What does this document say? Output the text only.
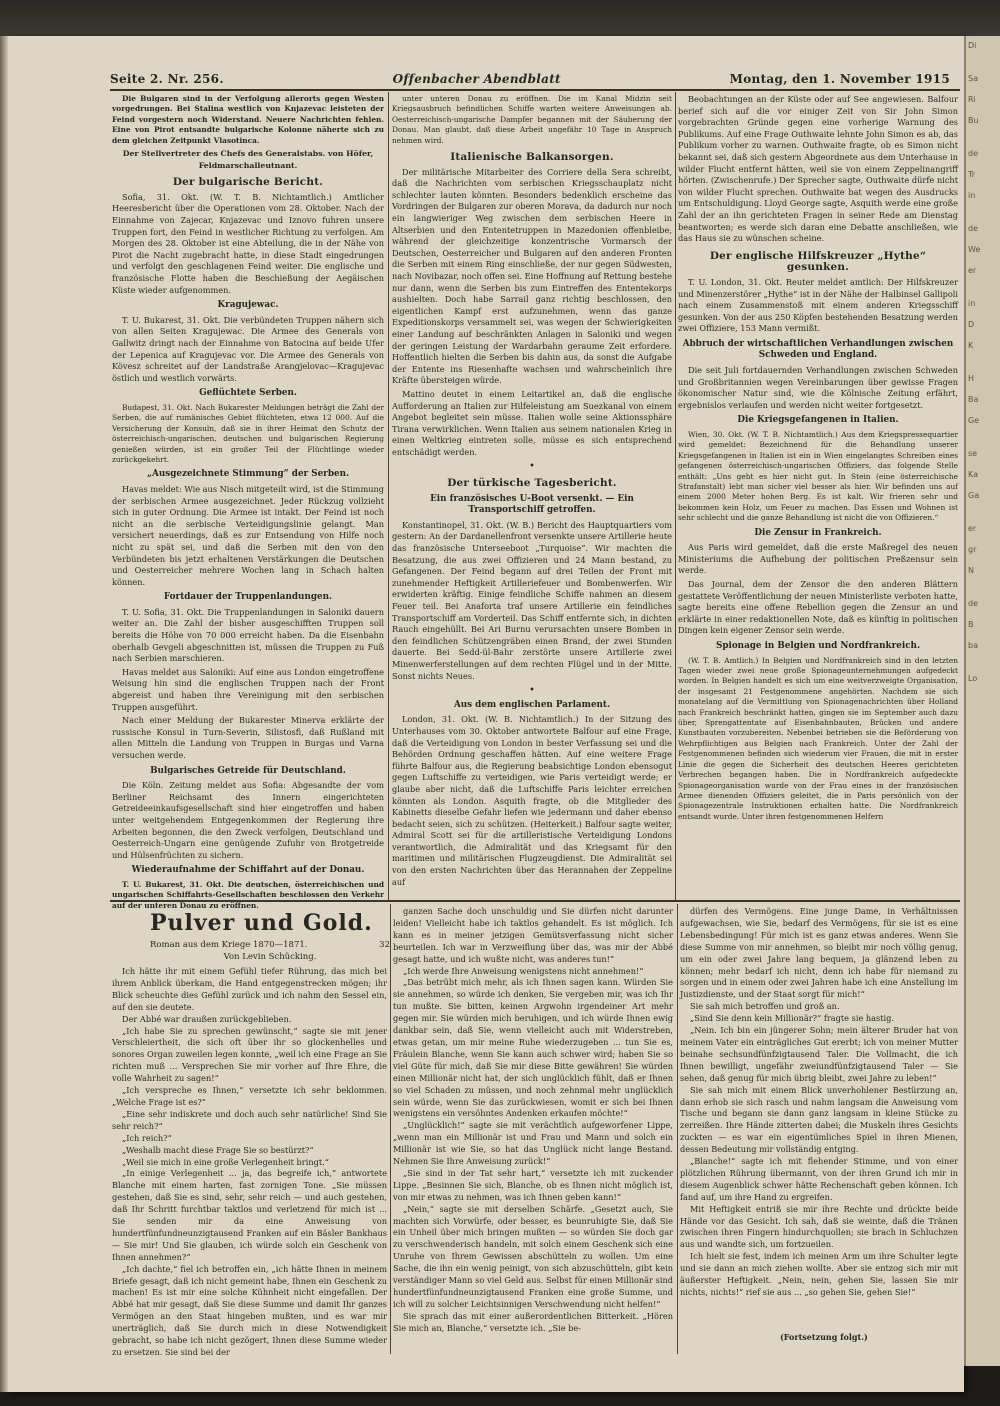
Di
Sa
Ri
Bu
de
Tr
in
de
We
er
in
D
K
H
Ba
Ge
se
Ka
Ga
er
gr
N
de
B
ba
Lo
Seite 2. Nr. 256.	Offenbacher Abendblatt	Montag, den 1. November 1915

Die Bulgaren sind in der Verfolgung allerorts gegen Westen vorgedrungen. Bei Stalina westlich von Knjazevac leisteten der Feind vorgestern noch Widerstand. Neuere Nachrichten fehlen. Eine von Pirot entsandte bulgarische Kolonne näherte sich zu dem gleichen Zeitpunkt Vlasotinca.

Der Stellvertreter des Chefs des Generalstabs. von Höfer, Feldmarschalleutnant.
Der bulgarische Bericht.

Sofia, 31. Okt. (W. T. B. Nichtamtlich.) Amtlicher Heeresbericht über die Operationen vom 28. Oktober. Nach der Einnahme von Zajecar, Knjazevac und Iznovo fuhren unsere Truppen fort, den Feind in westlicher Richtung zu verfolgen. Am Morgen des 28. Oktober ist eine Abteilung, die in der Nähe von Pirot die Nacht zugebracht hatte, in diese Stadt eingedrungen und verfolgt den geschlagenen Feind weiter. Die englische und französische Flotte haben die Beschießung der Aegäischen Küste wieder aufgenommen.

Kragujewac.

T. U. Bukarest, 31. Okt. Die verbündeten Truppen nähern sich von allen Seiten Kragujewac. Die Armee des Generals von Gallwitz dringt nach der Einnahme von Batocina auf beide Ufer der Lepenica auf Kragujevac vor. Die Armee des Generals von Kövesz schreitet auf der Landstraße Arangjelovac—Kragujevac östlich und westlich vorwärts.

Geflüchtete Serben.

Budapest, 31. Okt. Nach Bukarester Meldungen beträgt die Zahl der Serben, die auf rumänisches Gebiet flüchteten, etwa 12 000. Auf die Versicherung der Konsuln, daß sie in ihrer Heimat den Schutz der österreichisch-ungarischen, deutschen und bulgarischen Regierung genießen würden, ist ein großer Teil der Flüchtlinge wieder zurückgekehrt.

„Ausgezeichnete Stimmung“ der Serben.

Havas meldet: Wie aus Nisch mitgeteilt wird, ist die Stimmung der serbischen Armee ausgezeichnet. Jeder Rückzug vollzieht sich in guter Ordnung. Die Armee ist intakt. Der Feind ist noch nicht an die serbische Verteidigungslinie gelangt. Man versichert neuerdings, daß es zur Entsendung von Hilfe noch nicht zu spät sei, und daß die Serben mit den von den Verbündeten bis jetzt erhaltenen Verstärkungen die Deutschen und Oesterreicher mehrere Wochen lang in Schach halten können.

Fortdauer der Truppenlandungen.

T. U. Sofia, 31. Okt. Die Truppenlandungen in Saloniki dauern weiter an. Die Zahl der bisher ausgeschifften Truppen soll bereits die Höhe von 70 000 erreicht haben. Da die Eisenbahn oberhalb Gevgeli abgeschnitten ist, müssen die Truppen zu Fuß nach Serbien marschieren.

Havas meldet aus Saloniki: Auf eine aus London eingetroffene Weisung hin sind die englischen Truppen nach der Front abgereist und haben ihre Vereinigung mit den serbischen Truppen ausgeführt.

Nach einer Meldung der Bukarester Minerva erklärte der russische Konsul in Turn-Severin, Silistosfi, daß Rußland mit allen Mitteln die Landung von Truppen in Burgas und Varna versuchen werde.

Bulgarisches Getreide für Deutschland.

Die Köln. Zeitung meldet aus Sofia: Abgesandte der vom Berliner Reichsamt des Innern eingerichteten Getreideeinkaufsgesellschaft sind hier eingetroffen und haben unter weitgehendem Entgegenkommen der Regierung ihre Arbeiten begonnen, die den Zweck verfolgen, Deutschland und Oesterreich-Ungarn eine genügende Zufuhr von Brotgetreide und Hülsenfrüchten zu sichern.

Wiederaufnahme der Schiffahrt auf der Donau.

T. U. Bukarest, 31. Okt. Die deutschen, österreichischen und ungarischen Schiffahrts-Gesellschaften beschlossen den Verkehr auf der unteren Donau zu eröffnen.

unter unteren Donau zu eröffnen. Die im Kanal Midzin seit Kriegsausbruch befindlichen Schiffe warten weitere Anweisungen ab. Oesterreichisch-ungarische Dampfer begannen mit der Säuberung der Donau. Man glaubt, daß diese Arbeit ungefähr 10 Tage in Anspruch nehmen wird.

Italienische Balkansorgen.

Der militärische Mitarbeiter des Corriere della Sera schreibt, daß die Nachrichten vom serbischen Kriegsschauplatz nicht schlechter lauten könnten. Besonders bedenklich erscheine das Vordringen der Bulgaren zur oberen Morava, da dadurch nur noch ein langwieriger Weg zwischen dem serbischen Heere in Altserbien und den Ententetruppen in Mazedonien offenbleibe, während der gleichzeitige konzentrische Vormarsch der Deutschen, Oesterreicher und Bulgaren auf den anderen Fronten die Serben mit einem Ring einschließe, der nur gegen Südwesten, nach Novibazar, noch offen sei. Eine Hoffnung auf Rettung bestehe nur dann, wenn die Serben bis zum Eintreffen des Ententekorps aushielten. Doch habe Sarrail ganz richtig beschlossen, den eigentlichen Kampf erst aufzunehmen, wenn das ganze Expeditionskorps versammelt sei, was wegen der Schwierigkeiten einer Landung auf beschränkten Anlagen in Saloniki und wegen der geringen Leistung der Wardarbahn geraume Zeit erfordere. Hoffentlich hielten die Serben bis dahin aus, da sonst die Aufgabe der Entente ins Riesenhafte wachsen und wahrscheinlich ihre Kräfte übersteigen würde.

Mattino deutet in einem Leitartikel an, daß die englische Aufforderung an Italien zur Hilfeleistung am Suezkanal von einem Angebot begleitet sein müsse. Italien wolle seine Aktionssphäre Tirana verwirklichen. Wenn Italien aus seinem nationalen Krieg in einen Weltkrieg eintreten solle, müsse es sich entsprechend entschädigt werden.

•
Der türkische Tagesbericht.
Ein französisches U-Boot versenkt. — Ein Transportschiff getroffen.

Konstantinopel, 31. Okt. (W. B.) Bericht des Hauptquartiers vom gestern: An der Dardanellenfront versenkte unsere Artillerie heute das französische Unterseeboot „Turquoise“. Wir machten die Besatzung, die aus zwei Offizieren und 24 Mann bestand, zu Gefangenen. Der Feind begann auf drei Teilen der Front mit zunehmender Heftigkeit Artilleriefeuer und Bombenwerfen. Wir erwiderten kräftig. Einige feindliche Schiffe nahmen an diesem Feuer teil. Bei Anaforta traf unsere Artillerie ein feindliches Transportschiff am Vorderteil. Das Schiff entfernte sich, in dichten Rauch eingehüllt. Bei Ari Burnu verursachten unsere Bomben in den feindlichen Schützengräben einen Brand, der zwei Stunden dauerte. Bei Sedd-ül-Bahr zerstörte unsere Artillerie zwei Minenwerferstellungen auf dem rechten Flügel und in der Mitte. Sonst nichts Neues.

•
Aus dem englischen Parlament.

London, 31. Okt. (W. B. Nichtamtlich.) In der Sitzung des Unterhauses vom 30. Oktober antwortete Balfour auf eine Frage, daß die Verteidigung von London in bester Verfassung sei und die Behörden Ordnung geschaffen hätten. Auf eine weitere Frage führte Balfour aus, die Regierung beabsichtige London ebensogut gegen Luftschiffe zu verteidigen, wie Paris verteidigt werde; er glaube aber nicht, daß die Luftschiffe Paris leichter erreichen könnten als London. Asquith fragte, ob die Mitglieder des Kabinetts dieselbe Gefahr liefen wie jedermann und daher ebenso bedacht seien, sich zu schützen. (Heiterkeit.) Balfour sagte weiter, Admiral Scott sei für die artilleristische Verteidigung Londons verantwortlich, die Admiralität und das Kriegsamt für den maritimen und militärischen Flugzeugdienst. Die Admiralität sei von den ersten Nachrichten über das Herannahen der Zeppeline auf

Beobachtungen an der Küste oder auf See angewiesen. Balfour berief sich auf die vor einiger Zeit von Sir John Simon vorgebrachten Gründe gegen eine vorherige Warnung des Publikums. Auf eine Frage Outhwaite lehnte John Simon es ab, das Publikum vorher zu warnen. Outhwaite fragte, ob es Simon nicht bekannt sei, daß sich gestern Abgeordnete aus dem Unterhause in wilder Flucht entfernt hätten, weil sie von einem Zeppelinangriff hörten. (Zwischenrufe.) Der Sprecher sagte, Outhwaite dürfe nicht von wilder Flucht sprechen. Outhwaite bat wegen des Ausdrucks um Entschuldigung. Lloyd George sagte, Asquith werde eine große Zahl der an ihn gerichteten Fragen in seiner Rede am Dienstag beantworten; es werde sich daran eine Debatte anschließen, wie das Haus sie zu wünschen scheine.

Der englische Hilfskreuzer „Hythe“ gesunken.

T. U. London, 31. Okt. Reuter meldet amtlich: Der Hilfskreuzer und Minenzerstörer „Hythe“ ist in der Nähe der Halbinsel Gallipoli nach einem Zusammenstoß mit einem anderen Kriegsschiff gesunken. Von der aus 250 Köpfen bestehenden Besatzung werden zwei Offiziere, 153 Mann vermißt.

Abbruch der wirtschaftlichen Verhandlungen zwischen Schweden und England.

Die seit Juli fortdauernden Verhandlungen zwischen Schweden und Großbritannien wegen Vereinbarungen über gewisse Fragen ökonomischer Natur sind, wie die Kölnische Zeitung erfährt, ergebnislos verlaufen und werden nicht weiter fortgesetzt.

Die Kriegsgefangenen in Italien.

Wien, 30. Okt. (W. T. B. Nichtamtlich.) Aus dem Kriegspressequartier wird gemeldet: Bezeichnend für die Behandlung unserer Kriegsgefangenen in Italien ist ein in Wien eingelangtes Schreiben eines gefangenen österreichisch-ungarischen Offiziers, das folgende Stelle enthält: „Uns geht es hier nicht gut. In Stein (eine österreichische Strafanstalt) lebt man sicher viel besser als hier. Wir befinden uns auf einem 2000 Meter hohen Berg. Es ist kalt. Wir frieren sehr und bekommen kein Holz, um Feuer zu machen. Das Essen und Wohnen ist sehr schlecht und die ganze Behandlung ist nicht die von Offizieren.“

Die Zensur in Frankreich.

Aus Paris wird gemeldet, daß die erste Maßregel des neuen Ministeriums die Aufhebung der politischen Preßzensur sein werde.

Das Journal, dem der Zensor die den anderen Blättern gestattete Veröffentlichung der neuen Ministerliste verboten hatte, sagte bereits eine offene Rebellion gegen die Zensur an und erklärte in einer redaktionellen Note, daß es künftig in politischen Dingen kein eigener Zensor sein werde.

Spionage in Belgien und Nordfrankreich.

(W. T. B. Amtlich.) In Belgien und Nordfrankreich sind in den letzten Tagen wieder zwei neue große Spionageunternehmungen aufgedeckt worden. In Belgien handelt es sich um eine weitverzweigte Organisation, der insgesamt 21 Festgenommene angehörten. Nachdem sie sich monatelang auf die Vermittlung von Spionagenachrichten über Holland nach Frankreich beschränkt hatten, gingen sie im September auch dazu über, Sprengattentate auf Eisenbahnbauten, Brücken und andere Kunstbauten vorzubereiten. Nebenbei betrieben sie die Beförderung von Wehrpflichtigen aus Belgien nach Frankreich. Unter der Zahl der Festgenommenen befinden sich wiederum vier Frauen, die mit in erster Linie die gegen die Sicherheit des deutschen Heeres gerichteten Verbrechen begangen haben. Die in Nordfrankreich aufgedeckte Spionageorganisation wurde von der Frau eines in der französischen Armee dienenden Offiziers geleitet, die in Paris persönlich von der Spionagezentrale Instruktionen erhalten hatte. Die Nordfrankreich entsandt wurde. Unter ihren festgenommenen Helfern

Pulver und Gold.
Roman aus dem Kriege 1870—1871.	32
Von Levin Schücking.

Ich hätte ihr mit einem Gefühl tiefer Rührung, das mich bei ihrem Anblick überkam, die Hand entgegenstrecken mögen; ihr Blick scheuchte dies Gefühl zurück und ich nahm den Sessel ein, auf den sie deutete.

Der Abbé war draußen zurückgeblieben.

„Ich habe Sie zu sprechen gewünscht,“ sagte sie mit jener Verschleiertheit, die sich oft über ihr so glockenhelles und sonores Organ zuweilen legen konnte, „weil ich eine Frage an Sie richten muß ... Versprechen Sie mir vorher auf Ihre Ehre, die volle Wahrheit zu sagen!“

„Ich verspreche es Ihnen,“ versetzte ich sehr beklommen. „Welche Frage ist es?“

„Eine sehr indiskrete und doch auch sehr natürliche! Sind Sie sehr reich?“

„Ich reich?“

„Weshalb macht diese Frage Sie so bestürzt?“

„Weil sie mich in eine große Verlegenheit bringt.“

„In einige Verlegenheit ... ja, das begreife ich,“ antwortete Blanche mit einem harten, fast zornigen Tone. „Sie müssen gestehen, daß Sie es sind, sehr, sehr reich — und auch gestehen, daß Ihr Schritt furchtbar taktlos und verletzend für mich ist ... Sie senden mir da eine Anweisung von hundertfünfundneunzigtausend Franken auf ein Bäsler Bankhaus — Sie mir! Und Sie glauben, ich würde solch ein Geschenk von Ihnen annehmen?“

„Ich dachte,“ fiel ich betroffen ein, „ich hätte Ihnen in meinem Briefe gesagt, daß ich nicht gemeint habe, Ihnen ein Geschenk zu machen! Es ist mir eine solche Kühnheit nicht eingefallen. Der Abbé hat mir gesagt, daß Sie diese Summe und damit Ihr ganzes Vermögen an den Staat hingeben mußten, und es war mir unerträglich, daß Sie durch mich in diese Notwendigkeit gebracht, so habe ich nicht gezögert, Ihnen diese Summe wieder zu ersetzen. Sie sind bei der

ganzen Sache doch unschuldig und Sie dürfen nicht darunter leiden! Vielleicht habe ich taktlos gehandelt. Es ist möglich. Ich kann es in meiner jetzigen Gemütsverfassung nicht sicher beurteilen. Ich war in Verzweiflung über das, was mir der Abbé gesagt hatte, und ich wußte nicht, was anderes tun!“

„Ich werde Ihre Anweisung wenigstens nicht annehmen!“

„Das betrübt mich mehr, als ich Ihnen sagen kann. Würden Sie sie annehmen, so würde ich denken, Sie vergeben mir, was ich Ihr tun mußte. Sie bitten, keinen Argwohn irgendeiner Art mehr gegen mir. Sie würden mich beruhigen, und ich würde Ihnen ewig dankbar sein, daß Sie, wenn vielleicht auch mit Widerstreben, etwas getan, um mir meine Ruhe wiederzugeben ... tun Sie es, Fräulein Blanche, wenn Sie kann auch schwer wird; haben Sie so viel Güte für mich, daß Sie mir diese Bitte gewähren! Sie würden einen Millionär nicht hat, der sich unglücklich fühlt, daß er Ihnen so viel Schaden zu müssen, und noch zehnmal mehr unglücklich sein würde, wenn Sie das zurückwiesen, womit er sich bei Ihnen wenigstens ein versöhntes Andenken erkaufen möchte!“

„Unglücklich!“ sagte sie mit verächtlich aufgeworfener Lippe, „wenn man ein Millionär ist und Frau und Mann und solch ein Millionär ist wie Sie, so hat das Unglück nicht lange Bestand. Nehmen Sie Ihre Anweisung zurück!“

„Sie sind in der Tat sehr hart,“ versetzte ich mit zuckender Lippe. „Besinnen Sie sich, Blanche, ob es Ihnen nicht möglich ist, von mir etwas zu nehmen, was ich Ihnen geben kann!“

„Nein,“ sagte sie mit derselben Schärfe. „Gesetzt auch, Sie machten sich Vorwürfe, oder besser, es beunruhigte Sie, daß Sie ein Unheil über mich bringen mußten — so würden Sie doch gar zu verschwenderisch handeln, mit solch einem Geschenk sich eine Unruhe von Ihrem Gewissen abschütteln zu wollen. Um eine Sache, die ihn ein wenig peinigt, von sich abzuschütteln, gibt kein verständiger Mann so viel Geld aus. Selbst für einen Millionär sind hundertfünfundneunzigtausend Franken eine große Summe, und ich will zu solcher Leichtsinnigen Verschwendung nicht helfen!“

Sie sprach das mit einer außerordentlichen Bitterkeit. „Hören Sie mich an, Blanche,“ versetzte ich. „Sie be-

dürfen des Vermögens. Eine junge Dame, in Verhältnissen aufgewachsen, wie Sie, bedarf des Vermögens, für sie ist es eine Lebensbedingung! Für mich ist es ganz etwas anderes. Wenn Sie diese Summe von mir annehmen, so bleibt mir noch völlig genug, um ein oder zwei Jahre lang bequem, ja glänzend leben zu können; mehr bedarf ich nicht, denn ich habe für niemand zu sorgen und in einem oder zwei Jahren habe ich eine Anstellung im Justizdienste, und der Staat sorgt für mich!“

Sie sah mich betroffen und groß an.

„Sind Sie denn kein Millionär?“ fragte sie hastig.

„Nein. Ich bin ein jüngerer Sohn; mein älterer Bruder hat von meinem Vater ein einträgliches Gut ererbt; ich von meiner Mutter beinahe sechsundfünfzigtausend Taler. Die Vollmacht, die ich Ihnen bewilligt, ungefähr zweiundfünfzigtausend Taler — Sie sehen, daß genug für mich übrig bleibt, zwei Jahre zu leben!“

Sie sah mich mit einem Blick unverhohlener Bestürzung an, dann erhob sie sich rasch und nahm langsam die Anweisung vom Tische und begann sie dann ganz langsam in kleine Stücke zu zerreißen. Ihre Hände zitterten dabei; die Muskeln ihres Gesichts zuckten — es war ein eigentümliches Spiel in ihren Mienen, dessen Bedeutung mir vollständig entging.

„Blanche!“ sagte ich mit flehender Stimme, und von einer plötzlichen Rührung übermannt, von der ihren Grund ich mir in diesem Augenblick schwer hätte Rechenschaft geben können. Ich fand auf, um ihre Hand zu ergreifen.

Mit Heftigkeit entriß sie mir ihre Rechte und drückte beide Hände vor das Gesicht. Ich sah, daß sie weinte, daß die Tränen zwischen ihren Fingern hindurchquollen; sie brach in Schluchzen aus und wandte sich, um fortzueilen.

Ich hielt sie fest, indem ich meinen Arm um ihre Schulter legte und sie dann an mich ziehen wollte. Aber sie entzog sich mir mit äußerster Heftigkeit. „Nein, nein, gehen Sie, lassen Sie mir nichts, nichts!“ rief sie aus ... „so gehen Sie, gehen Sie!“

(Fortsetzung folgt.)
